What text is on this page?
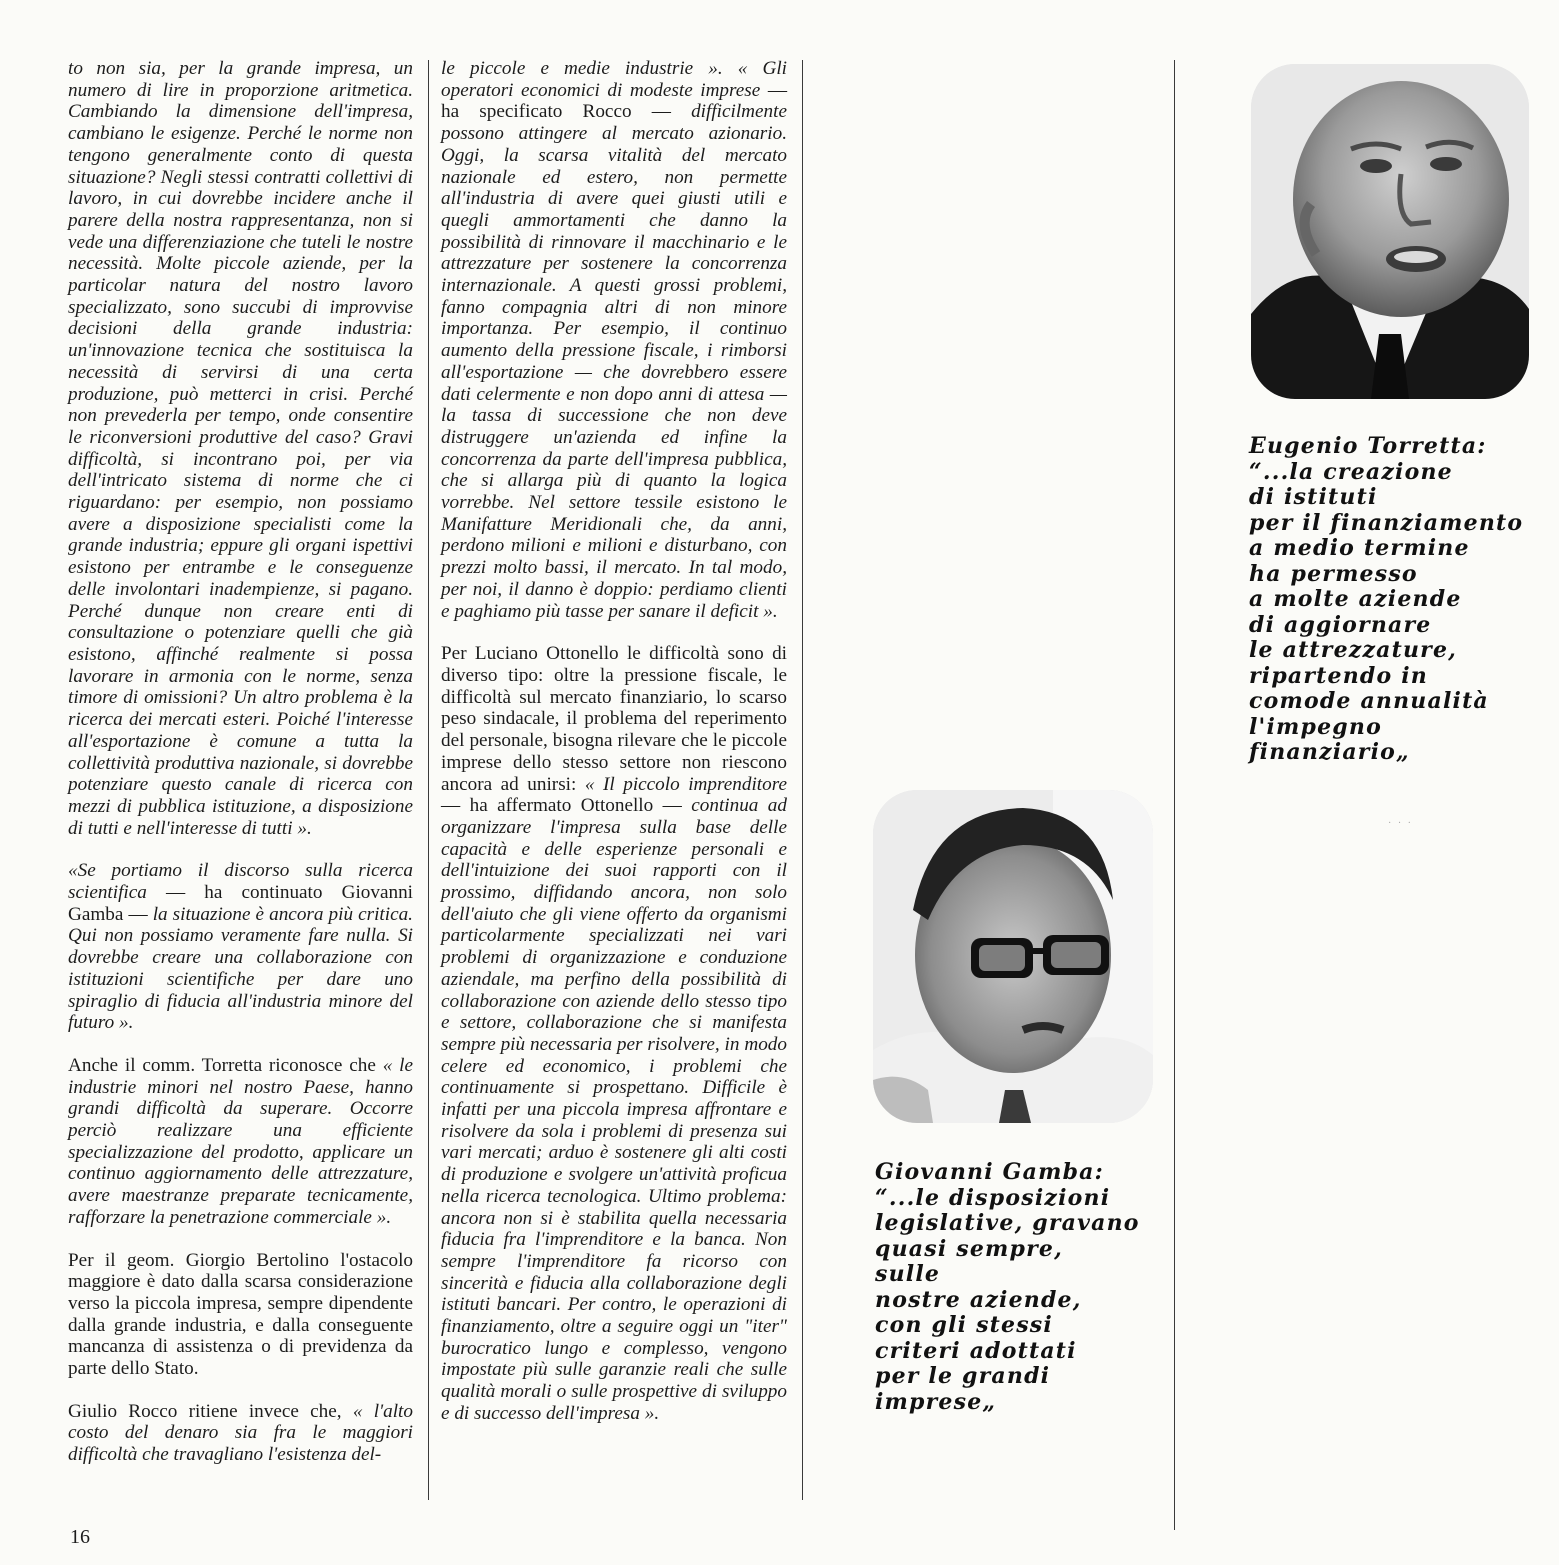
to non sia, per la grande impresa, un numero di lire in proporzione aritmetica. Cambiando la dimensione dell'impresa, cambiano le esigenze. Perché le norme non tengono generalmente conto di questa situazione? Negli stessi contratti collettivi di lavoro, in cui dovrebbe incidere anche il parere della nostra rappresentanza, non si vede una differenziazione che tuteli le nostre necessità. Molte piccole aziende, per la particolar natura del nostro lavoro specializzato, sono succubi di improvvise decisioni della grande industria: un'innovazione tecnica che sostituisca la necessità di servirsi di una certa produzione, può metterci in crisi. Perché non prevederla per tempo, onde consentire le riconversioni produttive del caso? Gravi difficoltà, si incontrano poi, per via dell'intricato sistema di norme che ci riguardano: per esempio, non possiamo avere a disposizione specialisti come la grande industria; eppure gli organi ispettivi esistono per entrambe e le conseguenze delle involontari inadempienze, si pagano. Perché dunque non creare enti di consultazione o potenziare quelli che già esistono, affinché realmente si possa lavorare in armonia con le norme, senza timore di omissioni? Un altro problema è la ricerca dei mercati esteri. Poiché l'interesse all'esportazione è comune a tutta la collettività produttiva nazionale, si dovrebbe potenziare questo canale di ricerca con mezzi di pubblica istituzione, a disposizione di tutti e nell'interesse di tutti ».

«Se portiamo il discorso sulla ricerca scientifica — ha continuato Giovanni Gamba — la situazione è ancora più critica. Qui non possiamo veramente fare nulla. Si dovrebbe creare una collaborazione con istituzioni scientifiche per dare uno spiraglio di fiducia all'industria minore del futuro ».

Anche il comm. Torretta riconosce che « le industrie minori nel nostro Paese, hanno grandi difficoltà da superare. Occorre perciò realizzare una efficiente specializzazione del prodotto, applicare un continuo aggiornamento delle attrezzature, avere maestranze preparate tecnicamente, rafforzare la penetrazione commerciale ».

Per il geom. Giorgio Bertolino l'ostacolo maggiore è dato dalla scarsa considerazione verso la piccola impresa, sempre dipendente dalla grande industria, e dalla conseguente mancanza di assistenza o di previdenza da parte dello Stato.

Giulio Rocco ritiene invece che, « l'alto costo del denaro sia fra le maggiori difficoltà che travagliano l'esistenza del-

le piccole e medie industrie ». « Gli operatori economici di modeste imprese — ha specificato Rocco — difficilmente possono attingere al mercato azionario. Oggi, la scarsa vitalità del mercato nazionale ed estero, non permette all'industria di avere quei giusti utili e quegli ammortamenti che danno la possibilità di rinnovare il macchinario e le attrezzature per sostenere la concorrenza internazionale. A questi grossi problemi, fanno compagnia altri di non minore importanza. Per esempio, il continuo aumento della pressione fiscale, i rimborsi all'esportazione — che dovrebbero essere dati celermente e non dopo anni di attesa — la tassa di successione che non deve distruggere un'azienda ed infine la concorrenza da parte dell'impresa pubblica, che si allarga più di quanto la logica vorrebbe. Nel settore tessile esistono le Manifatture Meridionali che, da anni, perdono milioni e milioni e disturbano, con prezzi molto bassi, il mercato. In tal modo, per noi, il danno è doppio: perdiamo clienti e paghiamo più tasse per sanare il deficit ».

Per Luciano Ottonello le difficoltà sono di diverso tipo: oltre la pressione fiscale, le difficoltà sul mercato finanziario, lo scarso peso sindacale, il problema del reperimento del personale, bisogna rilevare che le piccole imprese dello stesso settore non riescono ancora ad unirsi: « Il piccolo imprenditore — ha affermato Ottonello — continua ad organizzare l'impresa sulla base delle capacità e delle esperienze personali e dell'intuizione dei suoi rapporti con il prossimo, diffidando ancora, non solo dell'aiuto che gli viene offerto da organismi particolarmente specializzati nei vari problemi di organizzazione e conduzione aziendale, ma perfino della possibilità di collaborazione con aziende dello stesso tipo e settore, collaborazione che si manifesta sempre più necessaria per risolvere, in modo celere ed economico, i problemi che continuamente si prospettano. Difficile è infatti per una piccola impresa affrontare e risolvere da sola i problemi di presenza sui vari mercati; arduo è sostenere gli alti costi di produzione e svolgere un'attività proficua nella ricerca tecnologica. Ultimo problema: ancora non si è stabilita quella necessaria fiducia fra l'imprenditore e la banca. Non sempre l'imprenditore fa ricorso con sincerità e fiducia alla collaborazione degli istituti bancari. Per contro, le operazioni di finanziamento, oltre a seguire oggi un "iter" burocratico lungo e complesso, vengono impostate più sulle garanzie reali che sulle qualità morali o sulle prospettive di sviluppo e di successo dell'impresa ».

Eugenio Torretta:
“...la creazione
di istituti
per il finanziamento
a medio termine
ha permesso
a molte aziende
di aggiornare
le attrezzature,
ripartendo in
comode annualità
l'impegno
finanziario„
· · ·
Giovanni Gamba:
“...le disposizioni
legislative, gravano
quasi sempre,
sulle
nostre aziende,
con gli stessi
criteri adottati
per le grandi
imprese„
16
